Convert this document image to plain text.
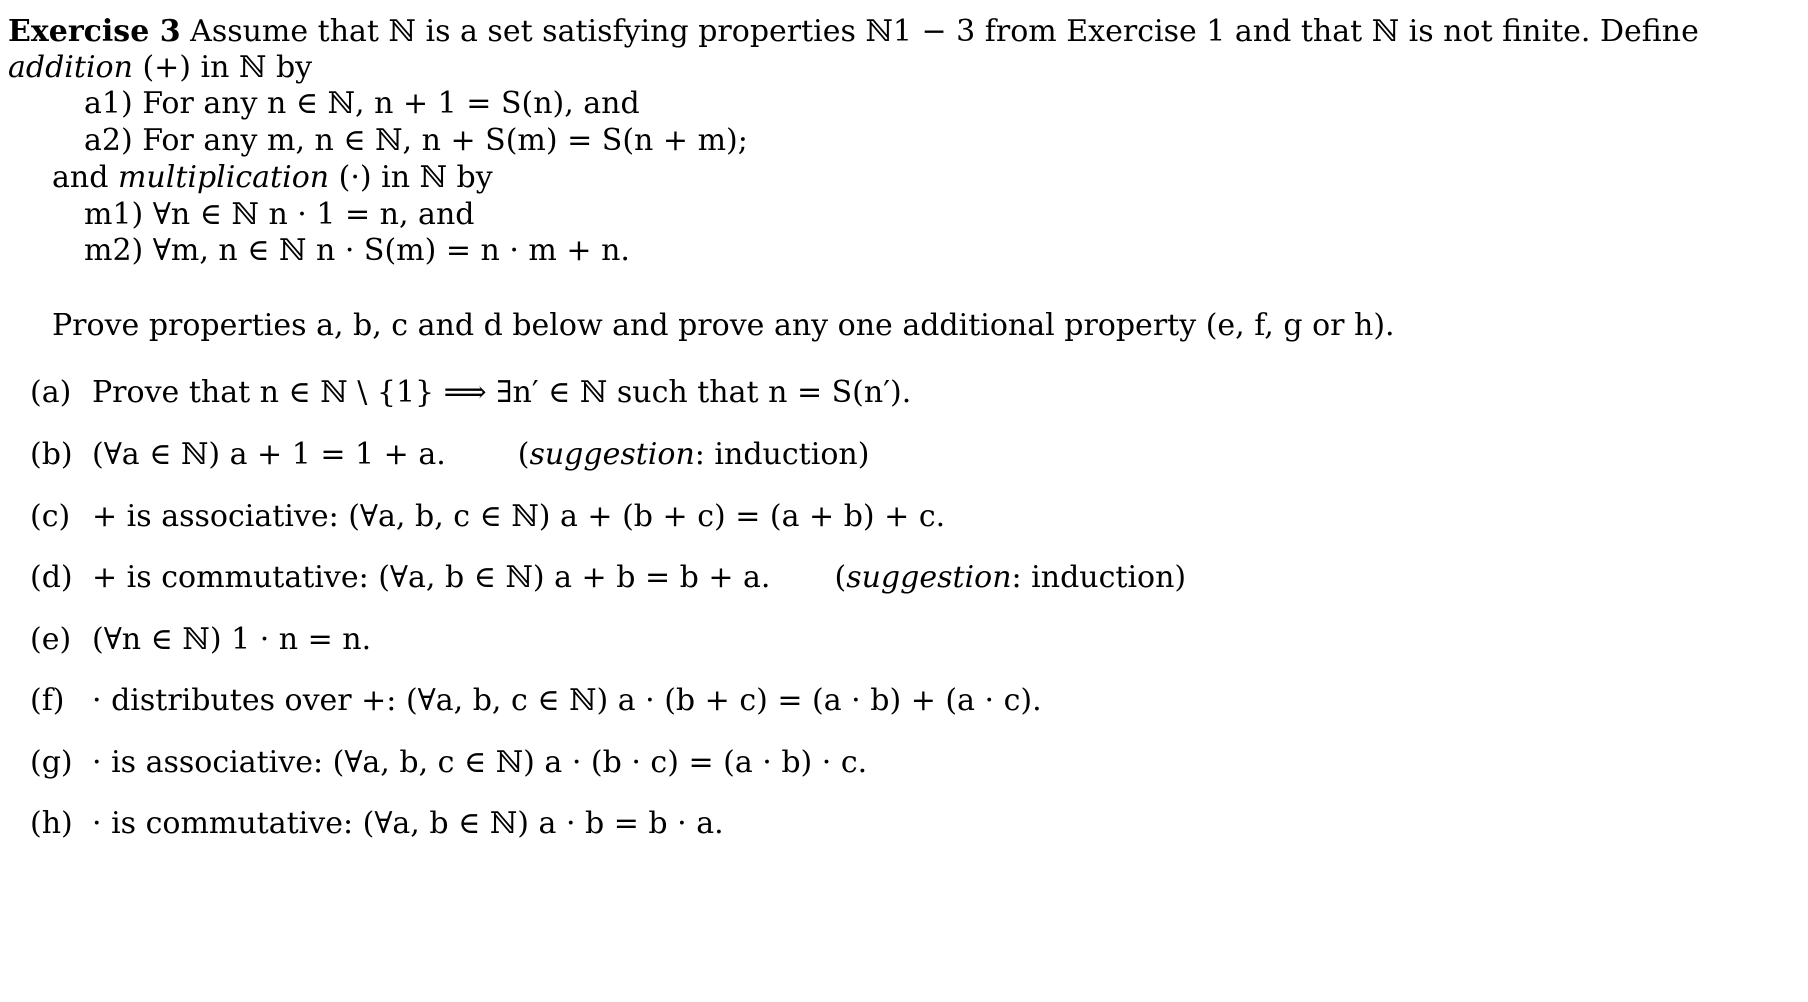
Exercise 3 Assume that ℕ is a set satisfying properties ℕ1 − 3 from Exercise 1 and that ℕ is not finite. Define
addition (+) in ℕ by
a1) For any n ∈ ℕ, n + 1 = S(n), and
a2) For any m, n ∈ ℕ, n + S(m) = S(n + m);
and multiplication (·) in ℕ by
m1) ∀n ∈ ℕ n · 1 = n, and
m2) ∀m, n ∈ ℕ n · S(m) = n · m + n.
Prove properties a, b, c and d below and prove any one additional property (e, f, g or h).
(a) Prove that n ∈ ℕ \ {1} ⟹ ∃n′ ∈ ℕ such that n = S(n′).
(b) (∀a ∈ ℕ) a + 1 = 1 + a. (suggestion: induction)
(c) + is associative: (∀a, b, c ∈ ℕ) a + (b + c) = (a + b) + c.
(d) + is commutative: (∀a, b ∈ ℕ) a + b = b + a. (suggestion: induction)
(e) (∀n ∈ ℕ) 1 · n = n.
(f) · distributes over +: (∀a, b, c ∈ ℕ) a · (b + c) = (a · b) + (a · c).
(g) · is associative: (∀a, b, c ∈ ℕ) a · (b · c) = (a · b) · c.
(h) · is commutative: (∀a, b ∈ ℕ) a · b = b · a.
